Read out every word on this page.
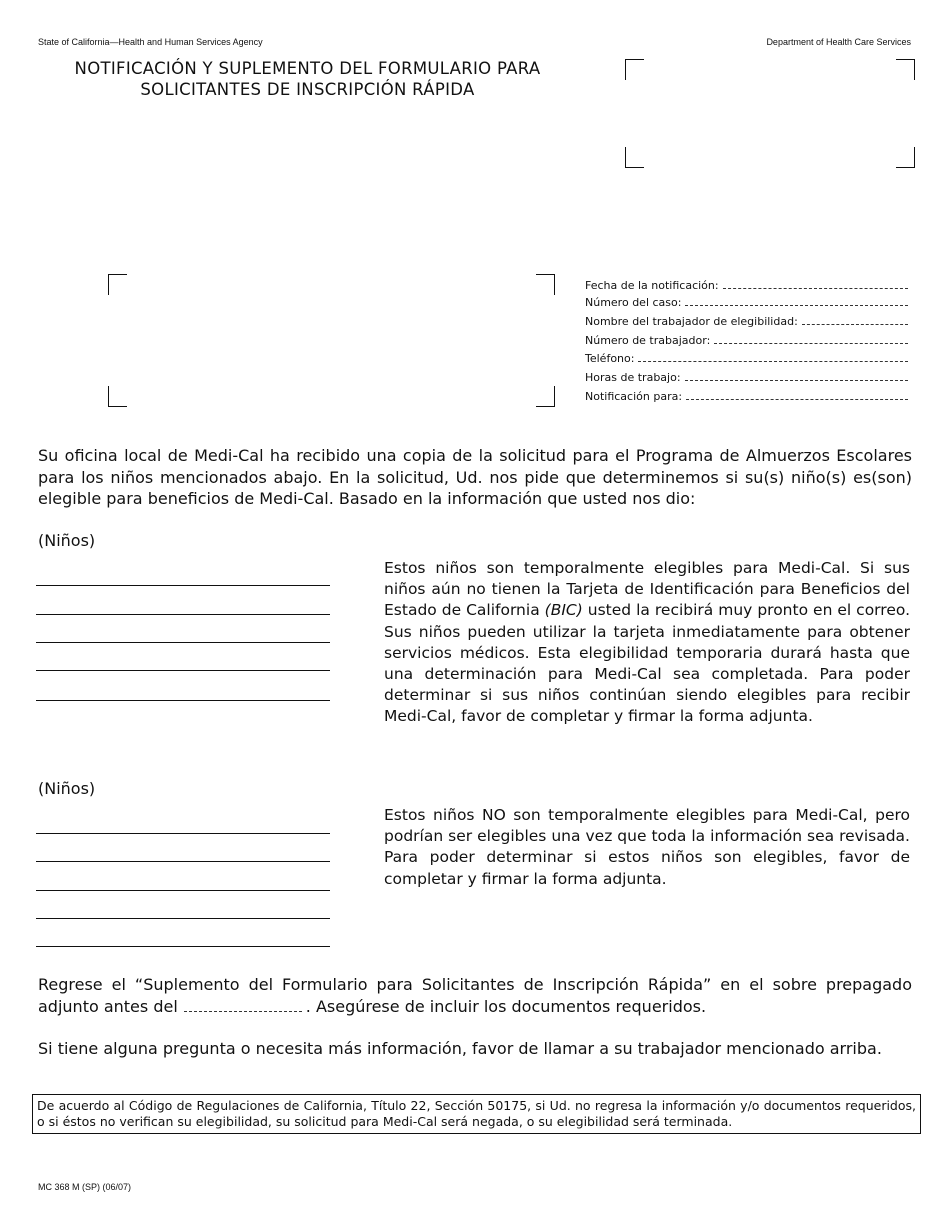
State of California—Health and Human Services Agency	Department of Health Care Services
NOTIFICACIÓN Y SUPLEMENTO DEL FORMULARIO PARA
SOLICITANTES DE INSCRIPCIÓN RÁPIDA
Fecha de la notificación:
Número del caso:
Nombre del trabajador de elegibilidad:
Número de trabajador:
Teléfono:
Horas de trabajo:
Notificación para:
Su oficina local de Medi-Cal ha recibido una copia de la solicitud para el Programa de Almuerzos Escolares para los niños mencionados abajo. En la solicitud, Ud. nos pide que determinemos si su(s) niño(s) es(son) elegible para beneficios de Medi-Cal. Basado en la información que usted nos dio:
(Niños)
Estos niños son temporalmente elegibles para Medi-Cal. Si sus niños aún no tienen la Tarjeta de Identificación para Beneficios del Estado de California (BIC) usted la recibirá muy pronto en el correo. Sus niños pueden utilizar la tarjeta inmediatamente para obtener servicios médicos. Esta elegibilidad temporaria durará hasta que una determinación para Medi-Cal sea completada. Para poder determinar si sus niños continúan siendo elegibles para recibir Medi-Cal, favor de completar y firmar la forma adjunta.
(Niños)
Estos niños NO son temporalmente elegibles para Medi-Cal, pero podrían ser elegibles una vez que toda la información sea revisada. Para poder determinar si estos niños son elegibles, favor de completar y firmar la forma adjunta.
Regrese el “Suplemento del Formulario para Solicitantes de Inscripción Rápida” en el sobre prepagado adjunto antes del	. Asegúrese de incluir los documentos requeridos.
Si tiene alguna pregunta o necesita más información, favor de llamar a su trabajador mencionado arriba.
De acuerdo al Código de Regulaciones de California, Título 22, Sección 50175, si Ud. no regresa la información y/o documentos requeridos, o si éstos no verifican su elegibilidad, su solicitud para Medi-Cal será negada, o su elegibilidad será terminada.
MC 368 M (SP) (06/07)
